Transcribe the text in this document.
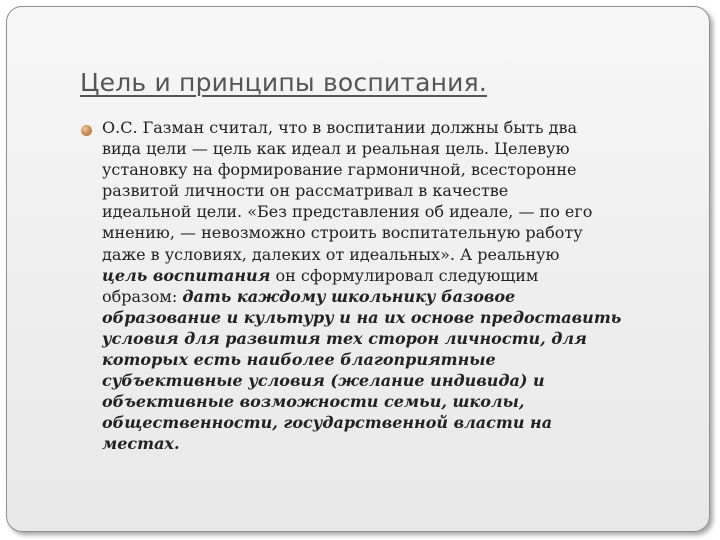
Цель и принципы воспитания.
О.С. Газман считал, что в воспитании должны быть два
вида цели — цель как идеал и реальная цель. Целевую
установку на формирование гармоничной, всесторонне
развитой личности он рассматривал в качестве
идеальной цели. «Без представления об идеале, — по его
мнению, — невозможно строить воспитательную работу
даже в условиях, далеких от идеальных». А реальную
цель воспитания он сформулировал следующим
образом: дать каждому школьнику базовое
образование и культуру и на их основе предоставить
условия для развития тех сторон личности, для
которых есть наиболее благоприятные
субъективные условия (желание индивида) и
объективные возможности семьи, школы,
общественности, государственной власти на
местах.
